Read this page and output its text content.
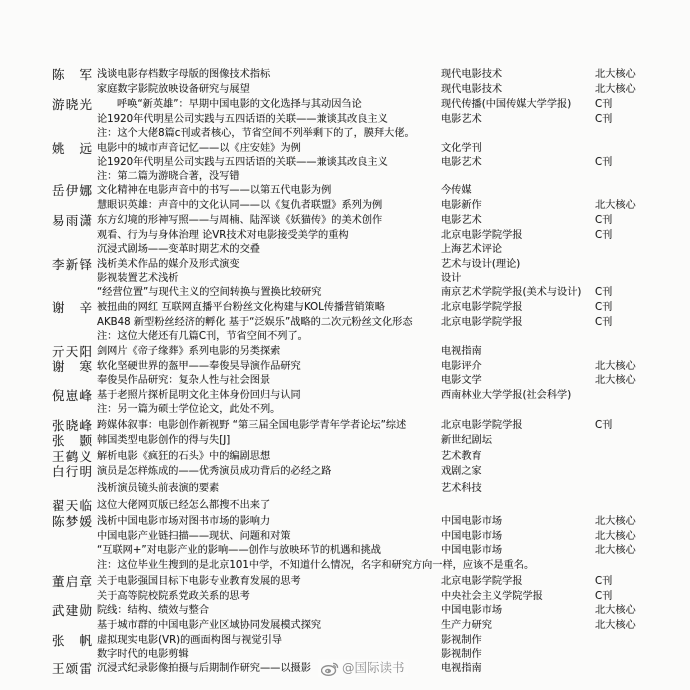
陈 军 浅谈电影存档数字母版的图像技术指标	现代电影技术	北大核心
家庭数字影院放映设备研究与展望	现代电影技术	北大核心
游晓光 呼唤“新英雄”：早期中国电影的文化选择与其动因刍论	现代传播(中国传媒大学学报) C刊
论1920年代明星公司实践与五四话语的关联——兼谈其改良主义	电影艺术	C刊
注：这个大佬8篇c刊或者核心，节省空间不列举剩下的了，膜拜大佬。
姚 远 电影中的城市声音记忆——以《庄安娃》为例	文化学刊
论1920年代明星公司实践与五四话语的关联——兼谈其改良主义	电影艺术	C刊
注：第二篇为游晓合著，没写错
岳伊娜 文化精神在电影声音中的书写——以第五代电影为例	今传媒
慧眼识英雄：声音中的文化认同——以《复仇者联盟》系列为例	电影新作	北大核心
易雨潇 东方幻境的形神写照——与周楠、陆浑谈《妖猫传》的美术创作	电影艺术	C刊
观看、行为与身体治理 论VR技术对电影接受美学的重构	北京电影学院学报	C刊
沉浸式剧场——变革时期艺术的交叠	上海艺术评论
李新铎 浅析美术作品的媒介及形式演变	艺术与设计(理论)
影视装置艺术浅析	设计
“经营位置”与现代主义的空间转换与置换比较研究	南京艺术学院学报(美术与设计) C刊
谢 辛 被扭曲的网红 互联网直播平台粉丝文化构建与KOL传播营销策略	北京电影学院学报	C刊
AKB48 新型粉丝经济的孵化 基于“泛娱乐”战略的二次元粉丝文化形态	北京电影学院学报	C刊
注：这位大佬还有几篇C刊，节省空间不列了。
亓天阳 剑网片《帝子缘葬》系列电影的另类探索	电视指南
谢 寒 软化坚硬世界的盔甲——奉俊昊导演作品研究	电影评介	北大核心
奉俊昊作品研究：复杂人性与社会图景	电影文学	北大核心
倪崽峰 基于老照片探析昆明文化主体身份回归与认同	西南林业大学学报(社会科学)
注：另一篇为硕士学位论文，此处不列。
张晓峰 跨媒体叙事：电影创作新视野 “第三届全国电影学青年学者论坛”综述	北京电影学院学报	C刊
张 颢 韩国类型电影创作的得与失[J]	新世纪剧坛
王鹤义 解析电影《疯狂的石头》中的编剧思想	艺术教育
白行明 演员是怎样炼成的——优秀演员成功背后的必经之路	戏剧之家
浅析演员镜头前表演的要素	艺术科技
翟天临 这位大佬网页版已经怎么都搜不出来了
陈梦媛 浅析中国电影市场对图书市场的影响力	中国电影市场	北大核心
中国电影产业链扫描——现状、问题和对策	中国电影市场	北大核心
“互联网+”对电影产业的影响——创作与放映环节的机遇和挑战	中国电影市场	北大核心
注：这位毕业生搜到的是北京101中学，不知道什么情况，名字和研究方向一样，应该不是重名。
董启章 关于电影强国目标下电影专业教育发展的思考	北京电影学院学报	C刊
关于高等院校院系党政关系的思考	中央社会主义学院学报	C刊
武建勋 院线：结构、绩效与整合	中国电影市场	北大核心
基于城市群的中国电影产业区域协同发展模式探究	生产力研究	北大核心
张 帆 虚拟现实电影(VR)的画面构图与视觉引导	影视制作
数字时代的电影剪辑	影视制作
王颂雷 沉浸式纪录影像拍摄与后期制作研究——以摄影	电视指南
@国际读书
